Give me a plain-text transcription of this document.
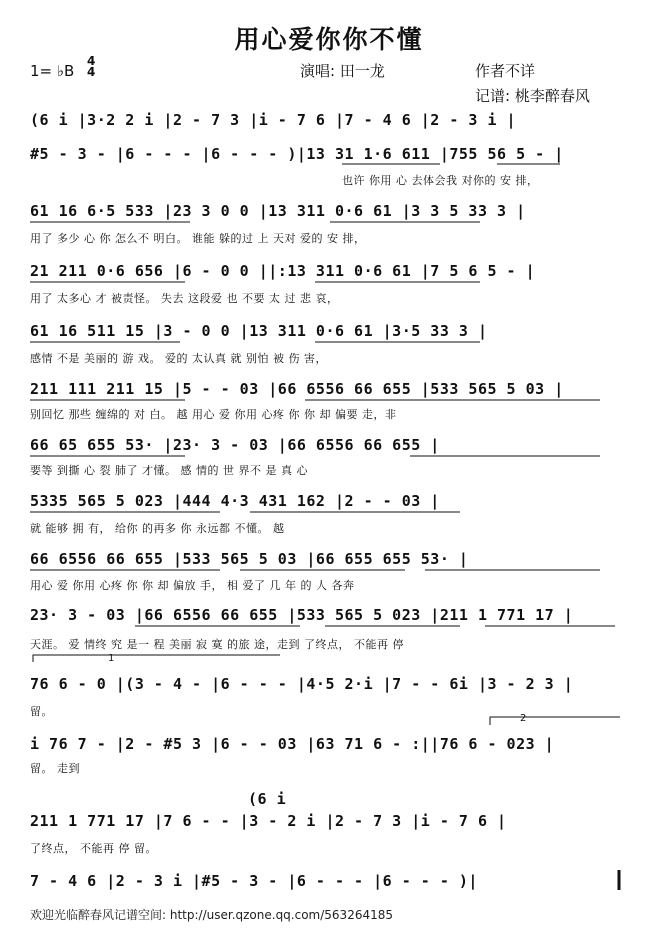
用心爱你你不懂
1= ♭B
4
4	演唱: 田一龙	作者不详
记谱: 桃李醉春风
(6 i |3·2 2 i |2 - 7 3 |i - 7 6 |7 - 4 6 |2 - 3 i |
#5 - 3 - |6 - - - |6 - - - )|13 31 1·6 611 |755 56 5 - |
也许 你用 心 去体会我 对你的 安 排，
61 16 6·5 533 |23 3 0 0 |13 311 0·6 61 |3 3 5 33 3 |
用了 多少 心 你 怎么不 明白。 谁能 躲的过 上 天对 爱的 安 排，
21 211 0·6 656 |6 - 0 0 ||:13 311 0·6 61 |7 5 6 5 - |
用了 太多心 才 被责怪。 失去 这段爱 也 不要 太 过 悲 哀，
61 16 511 15 |3 - 0 0 |13 311 0·6 61 |3·5 33 3 |
感情 不是 美丽的 游 戏。 爱的 太认真 就 别怕 被 伤 害，
211 111 211 15 |5 - - 03 |66 6556 66 655 |533 565 5 03 |
别回忆 那些 缠绵的 对 白。 越 用心 爱 你用 心疼 你 你 却 偏要 走，非
66 65 655 53· |23· 3 - 03 |66 6556 66 655 |
要等 到撕 心 裂 肺了 才懂。 感 情的 世 界不 是 真 心
5335 565 5 023 |444 4·3 431 162 |2 - - 03 |
就 能够 拥 有， 给你 的再多 你 永远都 不懂。 越
66 6556 66 655 |533 565 5 03 |66 655 655 53· |
用心 爱 你用 心疼 你 你 却 偏放 手， 相 爱了 几 年 的 人 各奔
23· 3 - 03 |66 6556 66 655 |533 565 5 023 |211 1 771 17 |
天涯。 爱 情终 究 是一 程 美丽 寂 寞 的旅 途，走到 了终点， 不能再 停
1
76 6 - 0 |(3 - 4 - |6 - - - |4·5 2·i |7 - - 6i |3 - 2 3 |
留。
2
i 76 7 - |2 - #5 3 |6 - - 03 |63 71 6 - :||76 6 - 023 |
留。 走到
(6 i
211 1 771 17 |7 6 - - |3 - 2 i |2 - 7 3 |i - 7 6 |
了终点， 不能再 停 留。
7 - 4 6 |2 - 3 i |#5 - 3 - |6 - - - |6 - - - )|
欢迎光临醉春风记谱空间: http://user.qzone.qq.com/563264185
